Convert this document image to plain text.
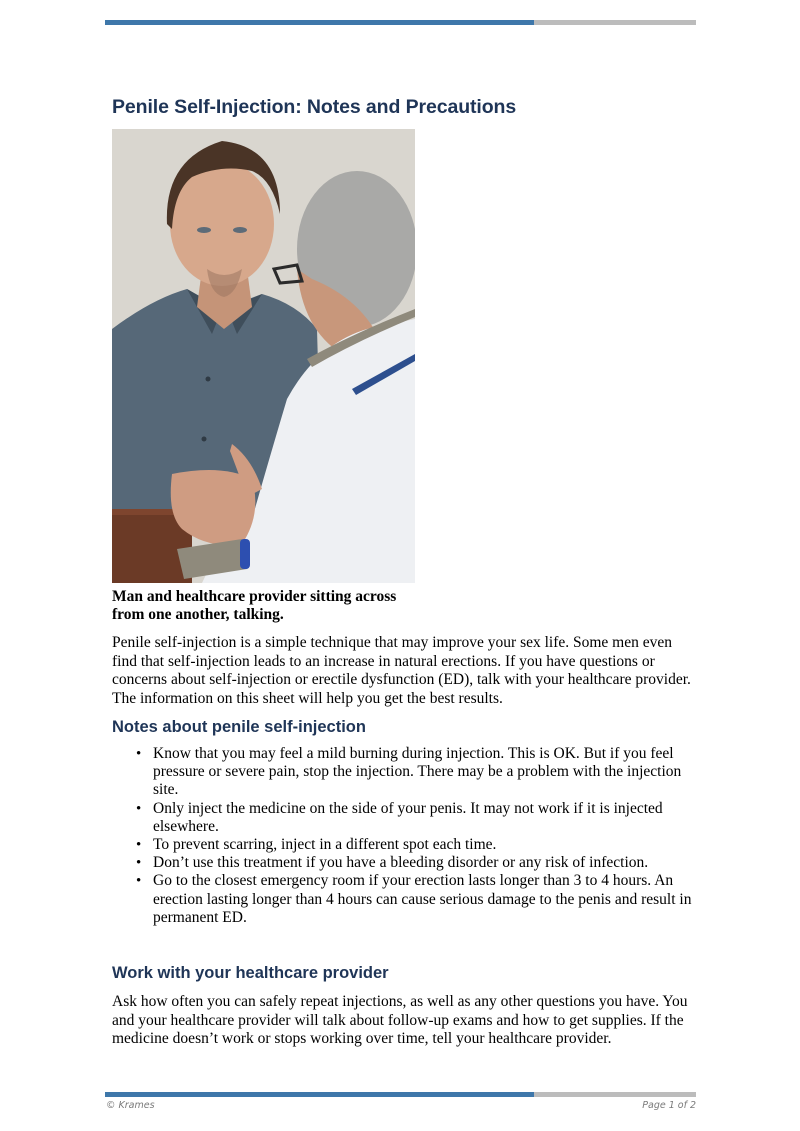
Penile Self-Injection: Notes and Precautions
Man and healthcare provider sitting across from one another, talking.

Penile self-injection is a simple technique that may improve your sex life. Some men even find that self-injection leads to an increase in natural erections. If you have questions or concerns about self-injection or erectile dysfunction (ED), talk with your healthcare provider. The information on this sheet will help you get the best results.

Notes about penile self-injection
• Know that you may feel a mild burning during injection. This is OK. But if you feel pressure or severe pain, stop the injection. There may be a problem with the injection site.
• Only inject the medicine on the side of your penis. It may not work if it is injected elsewhere.
• To prevent scarring, inject in a different spot each time.
• Don’t use this treatment if you have a bleeding disorder or any risk of infection.
• Go to the closest emergency room if your erection lasts longer than 3 to 4 hours. An erection lasting longer than 4 hours can cause serious damage to the penis and result in permanent ED.
Work with your healthcare provider

Ask how often you can safely repeat injections, as well as any other questions you have. You and your healthcare provider will talk about follow-up exams and how to get supplies. If the medicine doesn’t work or stops working over time, tell your healthcare provider.

© Krames	Page 1 of 2
